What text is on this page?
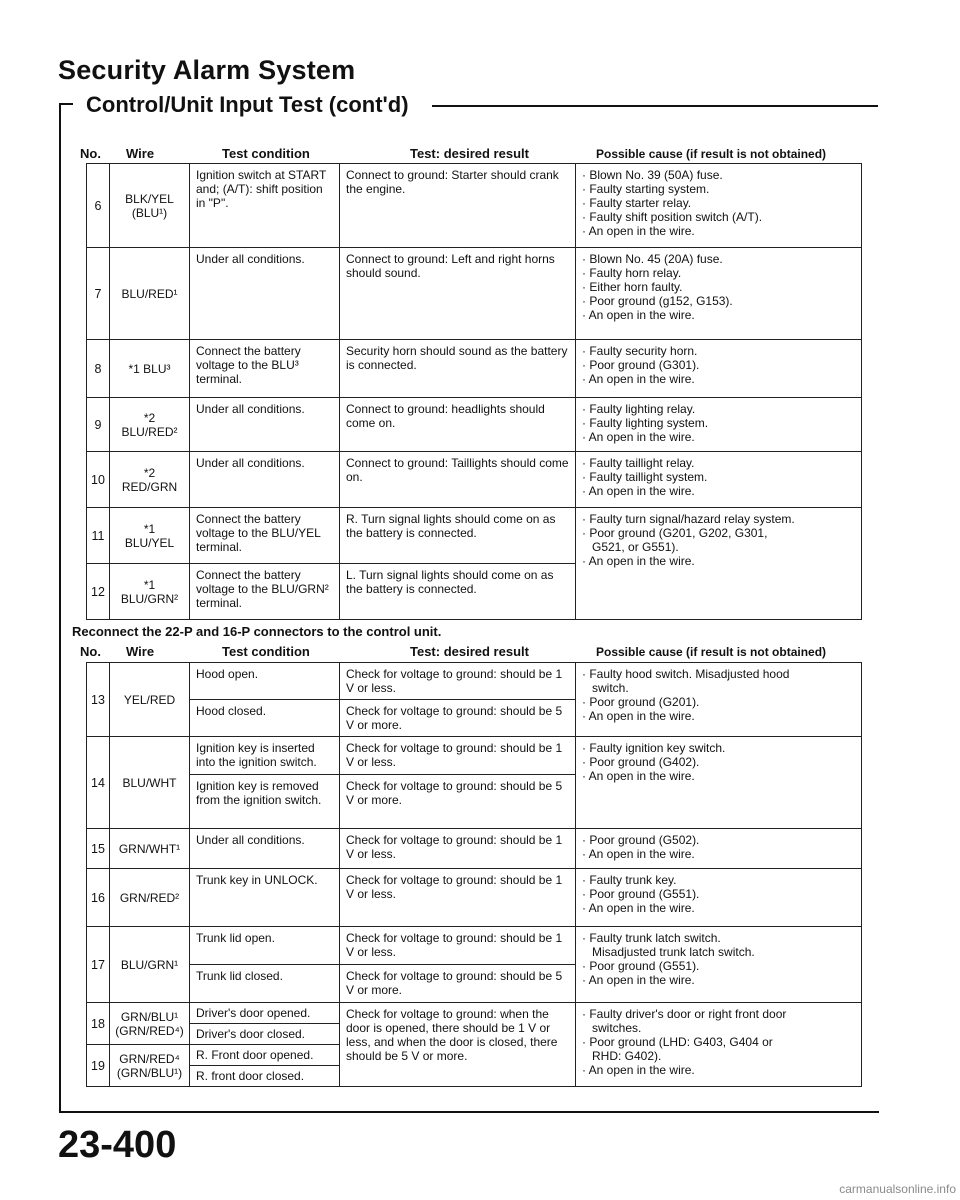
Security Alarm System
Control/Unit Input Test (cont'd)
No. Wire	Test condition	Test: desired result	Possible cause (if result is not obtained)
6	BLK/YEL
(BLU¹)	Ignition switch at START and; (A/T): shift position in "P".	Connect to ground: Starter should crank the engine.	· Blown No. 39 (50A) fuse.
· Faulty starting system.
· Faulty starter relay.
· Faulty shift position switch (A/T).
· An open in the wire.

7	BLU/RED¹	Under all conditions.	Connect to ground: Left and right horns should sound.	· Blown No. 45 (20A) fuse.
· Faulty horn relay.
· Either horn faulty.
· Poor ground (g152, G153).
· An open in the wire.

8	*1 BLU³	Connect the battery voltage to the BLU³ terminal.	Security horn should sound as the battery is connected.	· Faulty security horn.
· Poor ground (G301).
· An open in the wire.

9	*2
BLU/RED²	Under all conditions.	Connect to ground: headlights should come on.	· Faulty lighting relay.
· Faulty lighting system.
· An open in the wire.

10	*2
RED/GRN	Under all conditions.	Connect to ground: Taillights should come on.	· Faulty taillight relay.
· Faulty taillight system.
· An open in the wire.

11	*1
BLU/YEL	Connect the battery voltage to the BLU/YEL terminal.	R. Turn signal lights should come on as the battery is connected.	· Faulty turn signal/hazard relay system.
· Poor ground (G201, G202, G301,
G521, or G551).
· An open in the wire.

12	*1
BLU/GRN²	Connect the battery voltage to the BLU/GRN² terminal.	L. Turn signal lights should come on as the battery is connected.	
Reconnect the 22-P and 16-P connectors to the control unit.
No. Wire	Test condition	Test: desired result	Possible cause (if result is not obtained)
13	YEL/RED	Hood open.	Check for voltage to ground: should be 1 V or less.	· Faulty hood switch. Misadjusted hood
switch.
· Poor ground (G201).
· An open in the wire.

		Hood closed.	Check for voltage to ground: should be 5 V or more.	
14	BLU/WHT	Ignition key is inserted into the ignition switch.	Check for voltage to ground: should be 1 V or less.	· Faulty ignition key switch.
· Poor ground (G402).
· An open in the wire.

		Ignition key is removed from the ignition switch.	Check for voltage to ground: should be 5 V or more.	
15	GRN/WHT¹	Under all conditions.	Check for voltage to ground: should be 1 V or less.	· Poor ground (G502).
· An open in the wire.

16	GRN/RED²	Trunk key in UNLOCK.	Check for voltage to ground: should be 1 V or less.	· Faulty trunk key.
· Poor ground (G551).
· An open in the wire.

17	BLU/GRN¹	Trunk lid open.	Check for voltage to ground: should be 1 V or less.	· Faulty trunk latch switch.
Misadjusted trunk latch switch.
· Poor ground (G551).
· An open in the wire.

		Trunk lid closed.	Check for voltage to ground: should be 5 V or more.	
18	GRN/BLU¹
(GRN/RED⁴)	Driver's door opened.	Check for voltage to ground: when the door is opened, there should be 1 V or less, and when the door is closed, there should be 5 V or more.	· Faulty driver's door or right front door
switches.
· Poor ground (LHD: G403, G404 or
RHD: G402).
· An open in the wire.

		Driver's door closed.		
19	GRN/RED⁴
(GRN/BLU¹)	R. Front door opened.		
		R. front door closed.		
23-400
carmanualsonline.info
